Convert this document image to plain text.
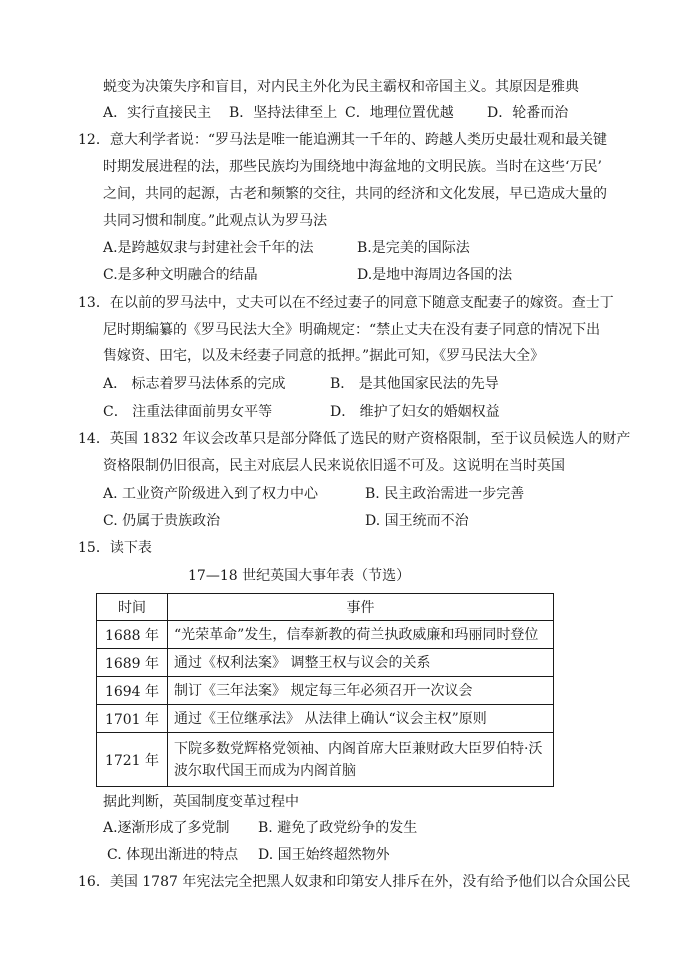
蜕变为决策失序和盲目，对内民主外化为民主霸权和帝国主义。其原因是雅典
A．实行直接民主 B．坚持法律至上 C．地理位置优越 D．轮番而治
12．意大利学者说：“罗马法是唯一能追溯其一千年的、跨越人类历史最壮观和最关键
时期发展进程的法，那些民族均为围绕地中海盆地的文明民族。当时在这些‘万民’
之间，共同的起源，古老和频繁的交往，共同的经济和文化发展，早已造成大量的
共同习惯和制度。”此观点认为罗马法
A.是跨越奴隶与封建社会千年的法	B.是完美的国际法
C.是多种文明融合的结晶	D.是地中海周边各国的法
13．在以前的罗马法中，丈夫可以在不经过妻子的同意下随意支配妻子的嫁资。查士丁
尼时期编纂的《罗马民法大全》明确规定：“禁止丈夫在没有妻子同意的情况下出
售嫁资、田宅，以及未经妻子同意的抵押。”据此可知，《罗马民法大全》
A． 标志着罗马法体系的完成	B． 是其他国家民法的先导
C． 注重法律面前男女平等	D． 维护了妇女的婚姻权益
14．英国 1832 年议会改革只是部分降低了选民的财产资格限制，至于议员候选人的财产
资格限制仍旧很高，民主对底层人民来说依旧遥不可及。这说明在当时英国
A. 工业资产阶级进入到了权力中心	B. 民主政治需进一步完善
C. 仍属于贵族政治	D. 国王统而不治
15．读下表
17—18 世纪英国大事年表（节选）
时间	事件
1688 年	“光荣革命”发生，信奉新教的荷兰执政威廉和玛丽同时登位
1689 年	通过《权利法案》 调整王权与议会的关系
1694 年	制订《三年法案》 规定每三年必须召开一次议会
1701 年	通过《王位继承法》 从法律上确认“议会主权”原则
1721 年	下院多数党辉格党领袖、内阁首席大臣兼财政大臣罗伯特·沃波尔取代国王而成为内阁首脑
据此判断，英国制度变革过程中
A.逐渐形成了多党制 B. 避免了政党纷争的发生
C. 体现出渐进的特点 D. 国王始终超然物外
16．美国 1787 年宪法完全把黑人奴隶和印第安人排斥在外，没有给予他们以合众国公民
